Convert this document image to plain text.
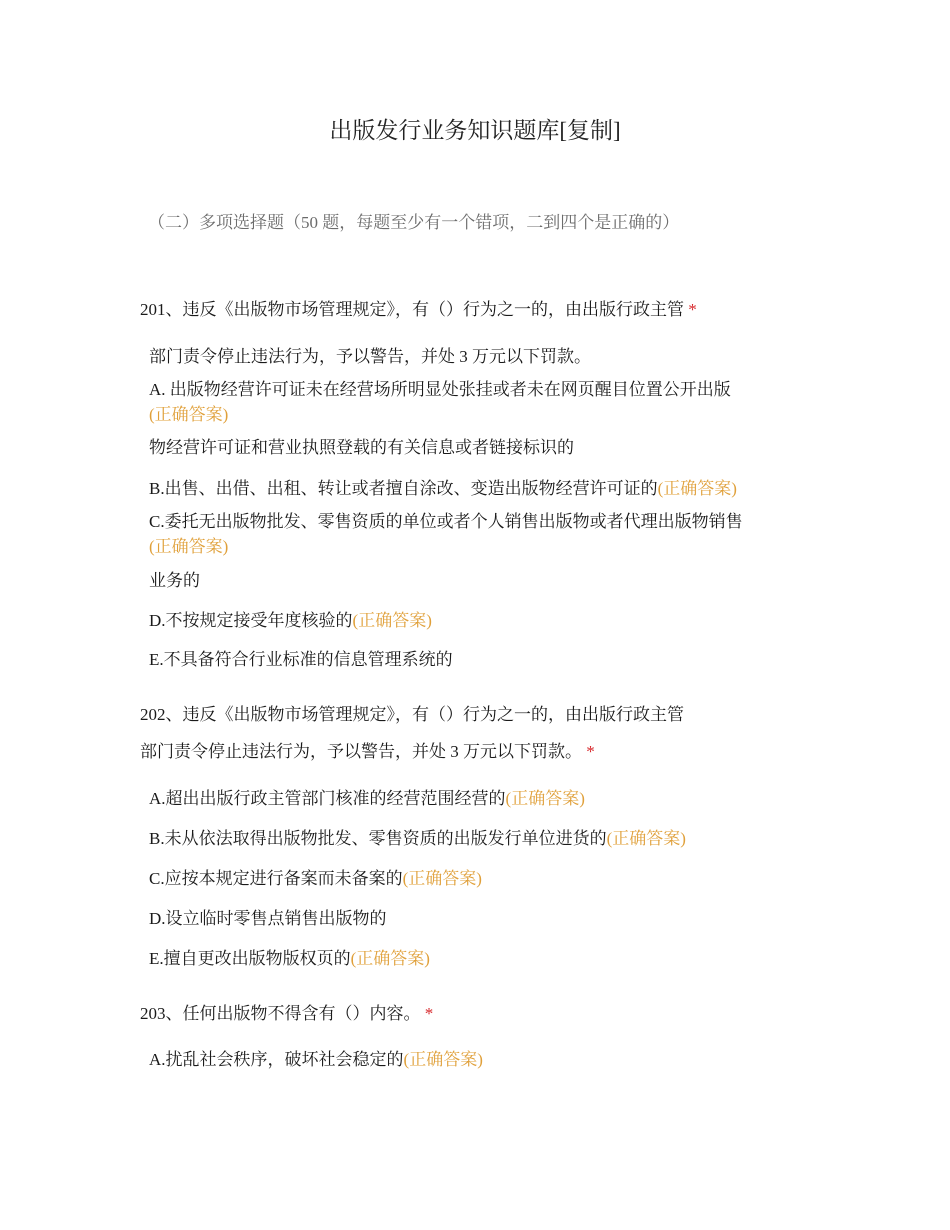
出版发行业务知识题库[复制]
（二）多项选择题（50 题，每题至少有一个错项，二到四个是正确的）
201、违反《出版物市场管理规定》，有（）行为之一的，由出版行政主管 *
部门责令停止违法行为，予以警告，并处 3 万元以下罚款。
A. 出版物经营许可证未在经营场所明显处张挂或者未在网页醒目位置公开出版
(正确答案)
物经营许可证和营业执照登载的有关信息或者链接标识的
B.出售、出借、出租、转让或者擅自涂改、变造出版物经营许可证的(正确答案)
C.委托无出版物批发、零售资质的单位或者个人销售出版物或者代理出版物销售
(正确答案)
业务的
D.不按规定接受年度核验的(正确答案)
E.不具备符合行业标准的信息管理系统的
202、违反《出版物市场管理规定》，有（）行为之一的，由出版行政主管
部门责令停止违法行为，予以警告，并处 3 万元以下罚款。 *
A.超出出版行政主管部门核准的经营范围经营的(正确答案)
B.未从依法取得出版物批发、零售资质的出版发行单位进货的(正确答案)
C.应按本规定进行备案而未备案的(正确答案)
D.设立临时零售点销售出版物的
E.擅自更改出版物版权页的(正确答案)
203、任何出版物不得含有（）内容。 *
A.扰乱社会秩序，破坏社会稳定的(正确答案)
